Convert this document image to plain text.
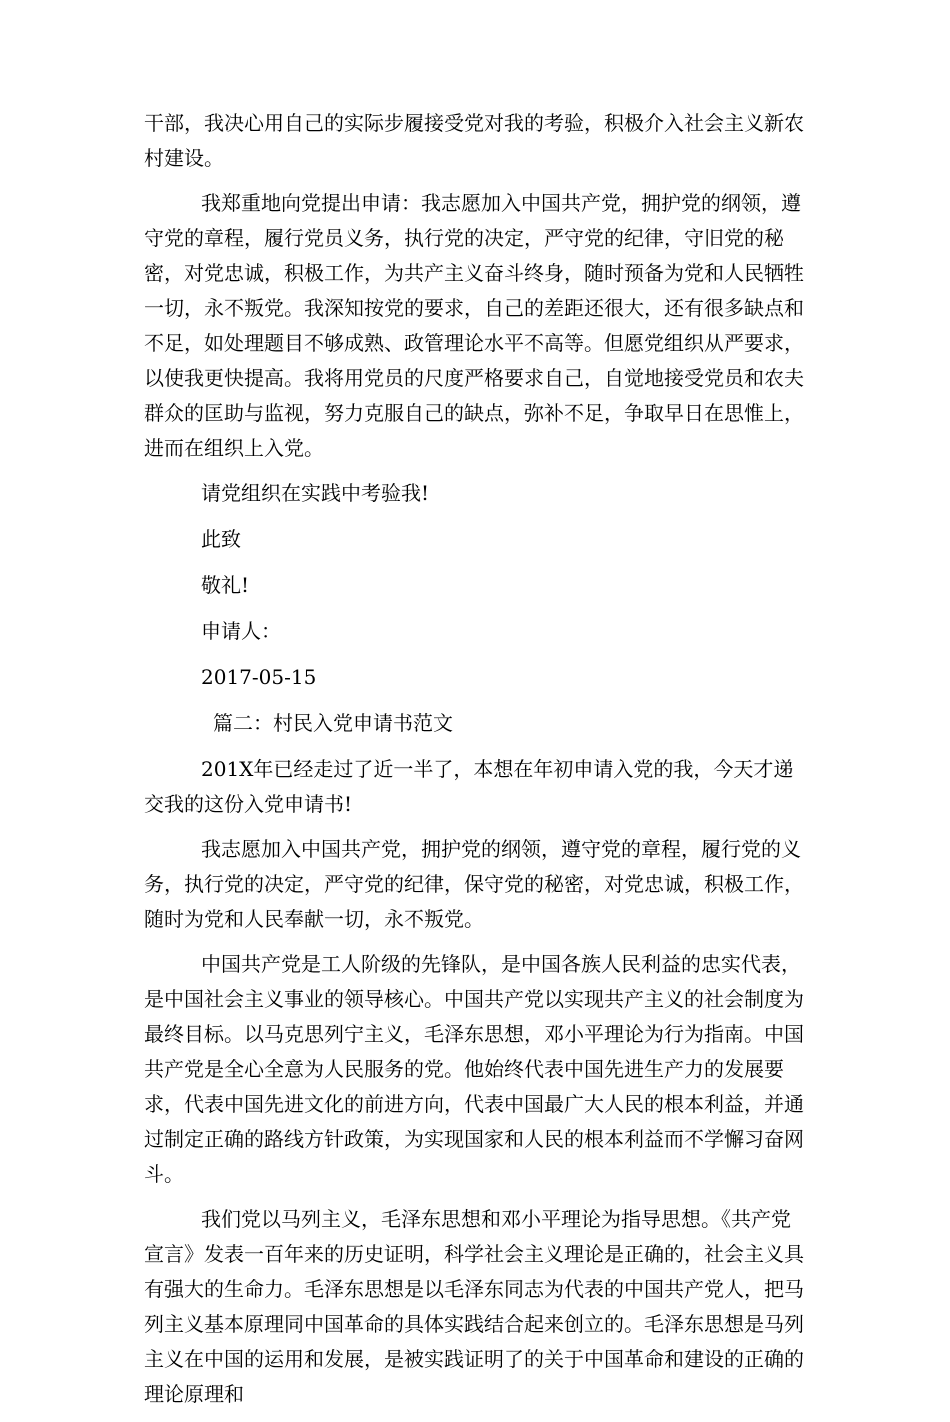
干部，我决心用自己的实际步履接受党对我的考验，积极介入社会主义新农村建设。

我郑重地向党提出申请：我志愿加入中国共产党，拥护党的纲领，遵守党的章程，履行党员义务，执行党的决定，严守党的纪律，守旧党的秘密，对党忠诚，积极工作，为共产主义奋斗终身，随时预备为党和人民牺牲一切，永不叛党。我深知按党的要求，自己的差距还很大，还有很多缺点和不足，如处理题目不够成熟、政管理论水平不高等。但愿党组织从严要求，以使我更快提高。我将用党员的尺度严格要求自己，自觉地接受党员和农夫群众的匡助与监视，努力克服自己的缺点，弥补不足，争取早日在思惟上，进而在组织上入党。

请党组织在实践中考验我!

此致

敬礼!

申请人：

2017-05-15

篇二：村民入党申请书范文

201X年已经走过了近一半了，本想在年初申请入党的我，今天才递交我的这份入党申请书!

我志愿加入中国共产党，拥护党的纲领，遵守党的章程，履行党的义务，执行党的决定，严守党的纪律，保守党的秘密，对党忠诚，积极工作，随时为党和人民奉献一切，永不叛党。

中国共产党是工人阶级的先锋队，是中国各族人民利益的忠实代表，是中国社会主义事业的领导核心。中国共产党以实现共产主义的社会制度为最终目标。以马克思列宁主义，毛泽东思想，邓小平理论为行为指南。中国共产党是全心全意为人民服务的党。他始终代表中国先进生产力的发展要求，代表中国先进文化的前进方向，代表中国最广大人民的根本利益，并通过制定正确的路线方针政策，为实现国家和人民的根本利益而不学懈习奋网斗。

我们党以马列主义，毛泽东思想和邓小平理论为指导思想。《共产党宣言》发表一百年来的历史证明，科学社会主义理论是正确的，社会主义具有强大的生命力。毛泽东思想是以毛泽东同志为代表的中国共产党人，把马列主义基本原理同中国革命的具体实践结合起来创立的。毛泽东思想是马列主义在中国的运用和发展，是被实践证明了的关于中国革命和建设的正确的理论原理和
